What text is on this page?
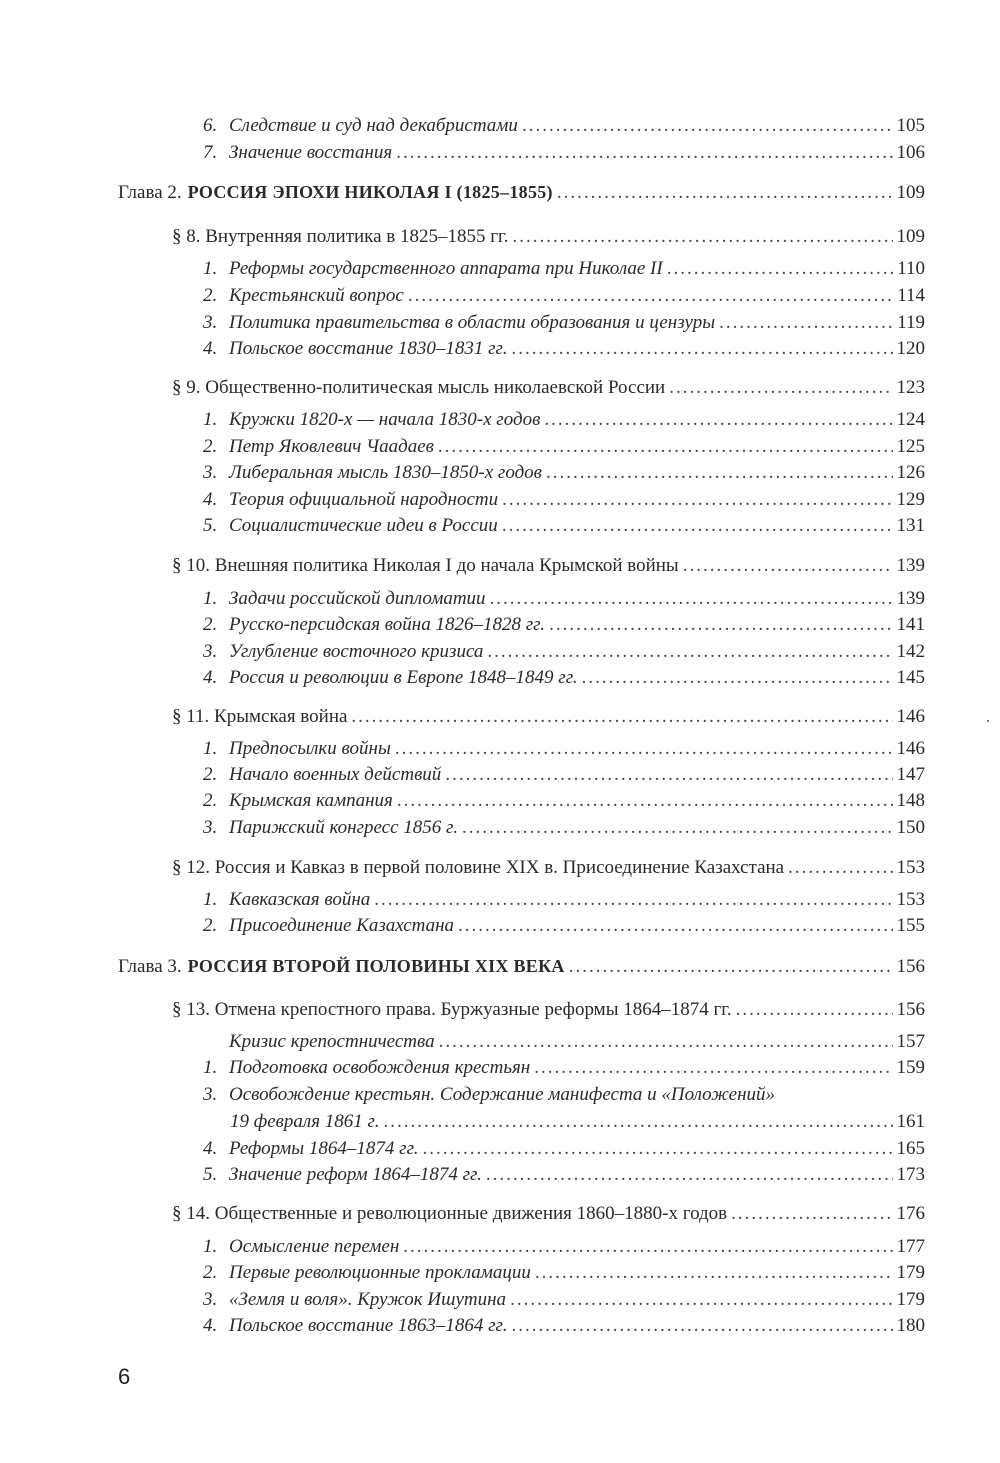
6. Следствие и суд над декабристами .....	105
7. Значение восстания .....	106
Глава 2. РОССИЯ ЭПОХИ НИКОЛАЯ I (1825–1855) .....	109
§ 8. Внутренняя политика в 1825–1855 гг. .....	109
1. Реформы государственного аппарата при Николае II .....	110
2. Крестьянский вопрос .....	114
3. Политика правительства в области образования и цензуры .....	119
4. Польское восстание 1830–1831 гг. .....	120
§ 9. Общественно-политическая мысль николаевской России .....	123
1. Кружки 1820-х — начала 1830-х годов .....	124
2. Петр Яковлевич Чаадаев .....	125
3. Либеральная мысль 1830–1850-х годов .....	126
4. Теория официальной народности .....	129
5. Социалистические идеи в России .....	131
§ 10. Внешняя политика Николая I до начала Крымской войны .....	139
1. Задачи российской дипломатии .....	139
2. Русско-персидская война 1826–1828 гг. .....	141
3. Углубление восточного кризиса .....	142
4. Россия и революции в Европе 1848–1849 гг. .....	145
§ 11. Крымская война .....	146
1. Предпосылки войны .....	146
2. Начало военных действий .....	147
2. Крымская кампания .....	148
3. Парижский конгресс 1856 г. .....	150
§ 12. Россия и Кавказ в первой половине XIX в. Присоединение Казахстана .....	153
1. Кавказская война .....	153
2. Присоединение Казахстана .....	155
Глава 3. РОССИЯ ВТОРОЙ ПОЛОВИНЫ XIX ВЕКА .....	156
§ 13. Отмена крепостного права. Буржуазные реформы 1864–1874 гг. .....	156
Кризис крепостничества .....	157
1. Подготовка освобождения крестьян .....	159
3. Освобождение крестьян. Содержание манифеста и «Положений»
19 февраля 1861 г. .....	161
4. Реформы 1864–1874 гг. .....	165
5. Значение реформ 1864–1874 гг. .....	173
§ 14. Общественные и революционные движения 1860–1880-х годов .....	176
1. Осмысление перемен .....	177
2. Первые революционные прокламации .....	179
3. «Земля и воля». Кружок Ишутина .....	179
4. Польское восстание 1863–1864 гг. .....	180
6
